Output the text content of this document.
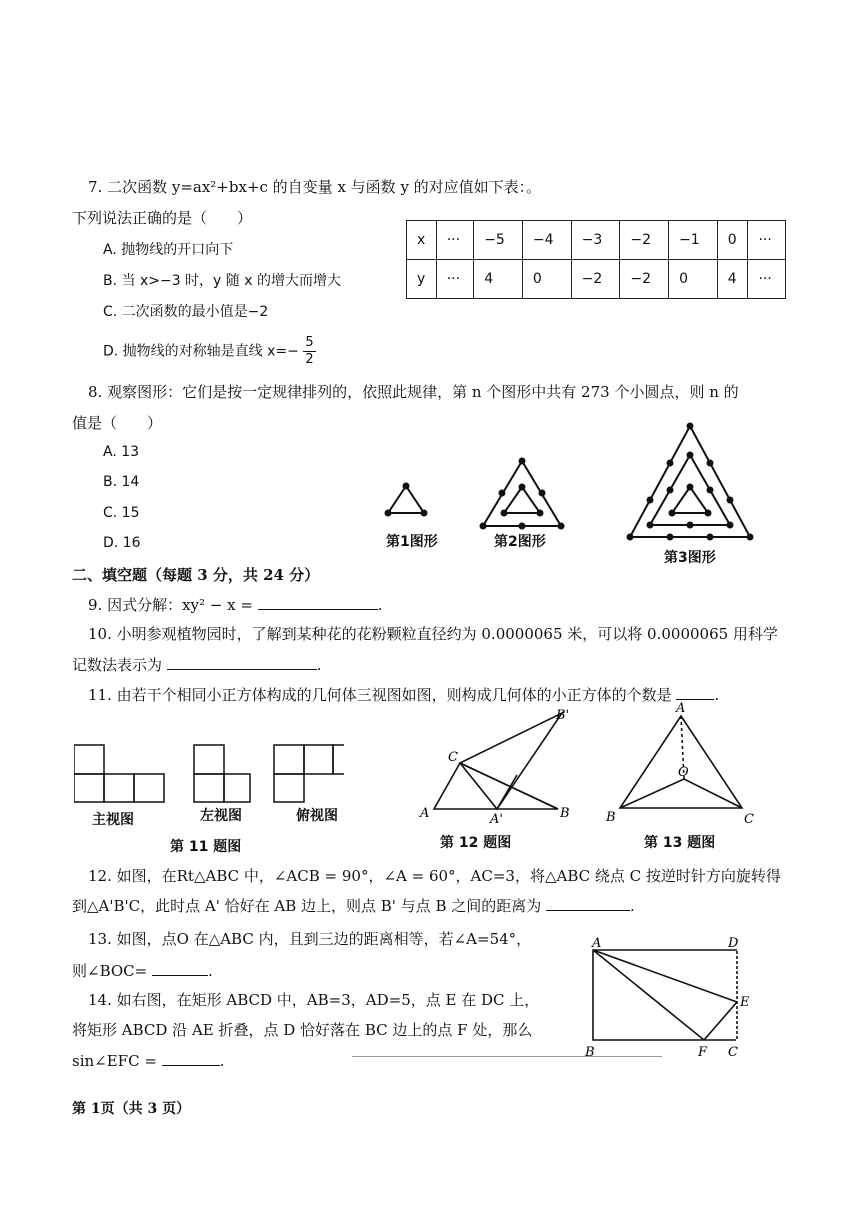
7. 二次函数 y=ax²+bx+c 的自变量 x 与函数 y 的对应值如下表：。
下列说法正确的是（　　）
A. 抛物线的开口向下
B. 当 x>−3 时，y 随 x 的增大而增大
C. 二次函数的最小值是−2
D. 抛物线的对称轴是直线 $x=- \frac{5}{2}$
x	···	−5	−4	−3	−2	−1	0	···
y	···	4	0	−2	−2	0	4	···
8. 观察图形：它们是按一定规律排列的，依照此规律，第 n 个图形中共有 273 个小圆点，则 n 的
值是（　　）
A. 13
B. 14
C. 15
D. 16	第1图形	第2图形
第3图形
二、填空题（每题 3 分，共 24 分）
9. 因式分解：xy² − x =	.
10. 小明参观植物园时，了解到某种花的花粉颗粒直径约为 0.0000065 米，可以将 0.0000065 用科学
记数法表示为	.
11. 由若干个相同小正方体构成的几何体三视图如图，则构成几何体的小正方体的个数是	.
主视图	左视图	俯视图
第 11 题图
A	B
C
A'
B'
第 12 题图
A
B	C
O
第 13 题图
12. 如图，在Rt△ABC 中，∠ACB = 90°，∠A = 60°，AC=3，将△ABC 绕点 C 按逆时针方向旋转得
到△A'B'C，此时点 A' 恰好在 AB 边上，则点 B' 与点 B 之间的距离为	.
13. 如图，点O 在△ABC 内，且到三边的距离相等，若∠A=54°，
则∠BOC=	.
14. 如右图，在矩形 ABCD 中，AB=3，AD=5，点 E 在 DC 上，
将矩形 ABCD 沿 AE 折叠，点 D 恰好落在 BC 边上的点 F 处，那么
sin∠EFC =	.
A
B	C
D
E
F
第 1页（共 3 页）
